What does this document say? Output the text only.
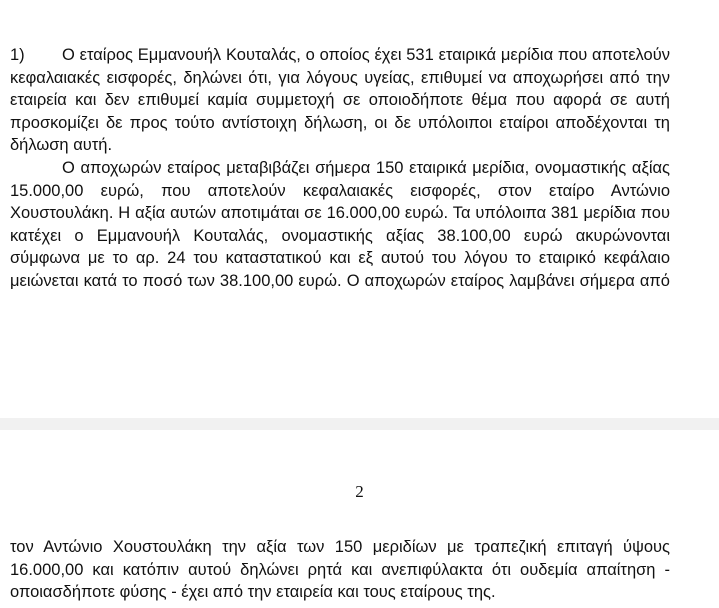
1) Ο εταίρος Εμμανουήλ Κουταλάς, ο οποίος έχει 531 εταιρικά μερίδια που αποτελούν
κεφαλαιακές εισφορές, δηλώνει ότι, για λόγους υγείας, επιθυμεί να αποχωρήσει από την
εταιρεία και δεν επιθυμεί καμία συμμετοχή σε οποιοδήποτε θέμα που αφορά σε αυτή
προσκομίζει δε προς τούτο αντίστοιχη δήλωση, οι δε υπόλοιποι εταίροι αποδέχονται τη
δήλωση αυτή.

Ο αποχωρών εταίρος μεταβιβάζει σήμερα 150 εταιρικά μερίδια, ονομαστικής αξίας
15.000,00 ευρώ, που αποτελούν κεφαλαιακές εισφορές, στον εταίρο Αντώνιο
Χουστουλάκη. Η αξία αυτών αποτιμάται σε 16.000,00 ευρώ. Τα υπόλοιπα 381 μερίδια που
κατέχει ο Εμμανουήλ Κουταλάς, ονομαστικής αξίας 38.100,00 ευρώ ακυρώνονται
σύμφωνα με το αρ. 24 του καταστατικού και εξ αυτού του λόγου το εταιρικό κεφάλαιο
μειώνεται κατά το ποσό των 38.100,00 ευρώ. Ο αποχωρών εταίρος λαμβάνει σήμερα από

2

τον Αντώνιο Χουστουλάκη την αξία των 150 μεριδίων με τραπεζική επιταγή ύψους
16.000,00 και κατόπιν αυτού δηλώνει ρητά και ανεπιφύλακτα ότι ουδεμία απαίτηση -
οποιασδήποτε φύσης - έχει από την εταιρεία και τους εταίρους της.
